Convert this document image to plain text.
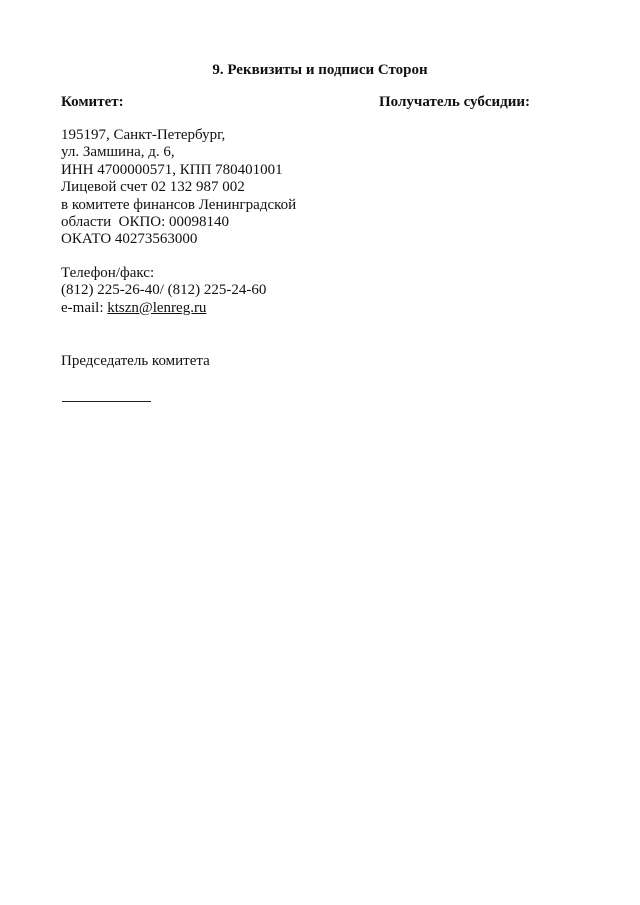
9. Реквизиты и подписи Сторон
Комитет:	Получатель субсидии:
195197, Санкт-Петербург,
ул. Замшина, д. 6,
ИНН 4700000571, КПП 780401001
Лицевой счет 02 132 987 002
в комитете финансов Ленинградской
области  ОКПО: 00098140
ОКАТО 40273563000
Телефон/факс:
(812) 225-26-40/ (812) 225-24-60
e-mail: ktszn@lenreg.ru
Председатель комитета
